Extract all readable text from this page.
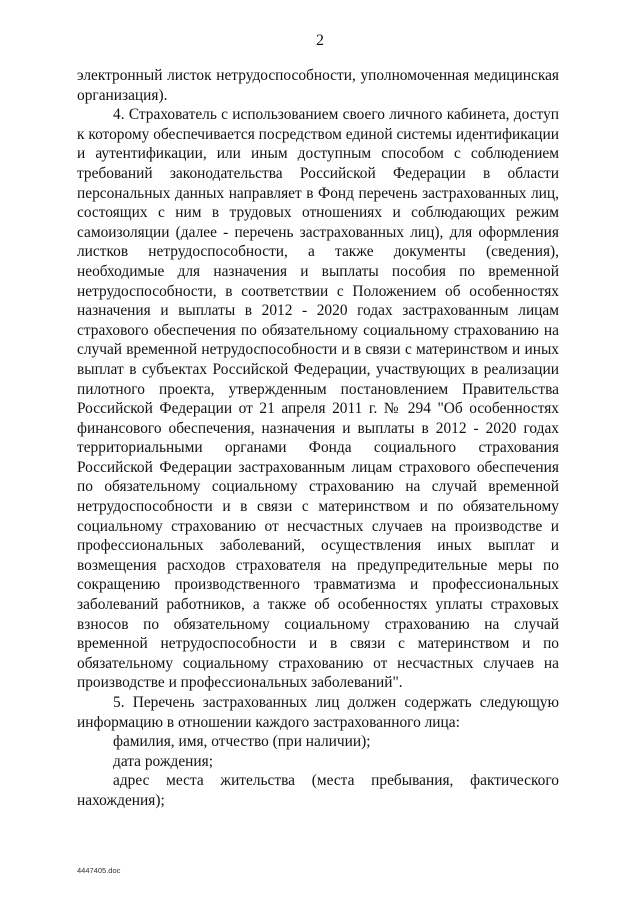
2

электронный листок нетрудоспособности, уполномоченная медицинская организация).

4. Страхователь с использованием своего личного кабинета, доступ к которому обеспечивается посредством единой системы идентификации и аутентификации, или иным доступным способом с соблюдением требований законодательства Российской Федерации в области персональных данных направляет в Фонд перечень застрахованных лиц, состоящих с ним в трудовых отношениях и соблюдающих режим самоизоляции (далее - перечень застрахованных лиц), для оформления листков нетрудоспособности, а также документы (сведения), необходимые для назначения и выплаты пособия по временной нетрудоспособности, в соответствии с Положением об особенностях назначения и выплаты в 2012 - 2020 годах застрахованным лицам страхового обеспечения по обязательному социальному страхованию на случай временной нетрудоспособности и в связи с материнством и иных выплат в субъектах Российской Федерации, участвующих в реализации пилотного проекта, утвержденным постановлением Правительства Российской Федерации от 21 апреля 2011 г. № 294 "Об особенностях финансового обеспечения, назначения и выплаты в 2012 - 2020 годах территориальными органами Фонда социального страхования Российской Федерации застрахованным лицам страхового обеспечения по обязательному социальному страхованию на случай временной нетрудоспособности и в связи с материнством и по обязательному социальному страхованию от несчастных случаев на производстве и профессиональных заболеваний, осуществления иных выплат и возмещения расходов страхователя на предупредительные меры по сокращению производственного травматизма и профессиональных заболеваний работников, а также об особенностях уплаты страховых взносов по обязательному социальному страхованию на случай временной нетрудоспособности и в связи с материнством и по обязательному социальному страхованию от несчастных случаев на производстве и профессиональных заболеваний".

5. Перечень застрахованных лиц должен содержать следующую информацию в отношении каждого застрахованного лица:

фамилия, имя, отчество (при наличии);

дата рождения;

адрес места жительства (места пребывания, фактического нахождения);

4447405.doc
